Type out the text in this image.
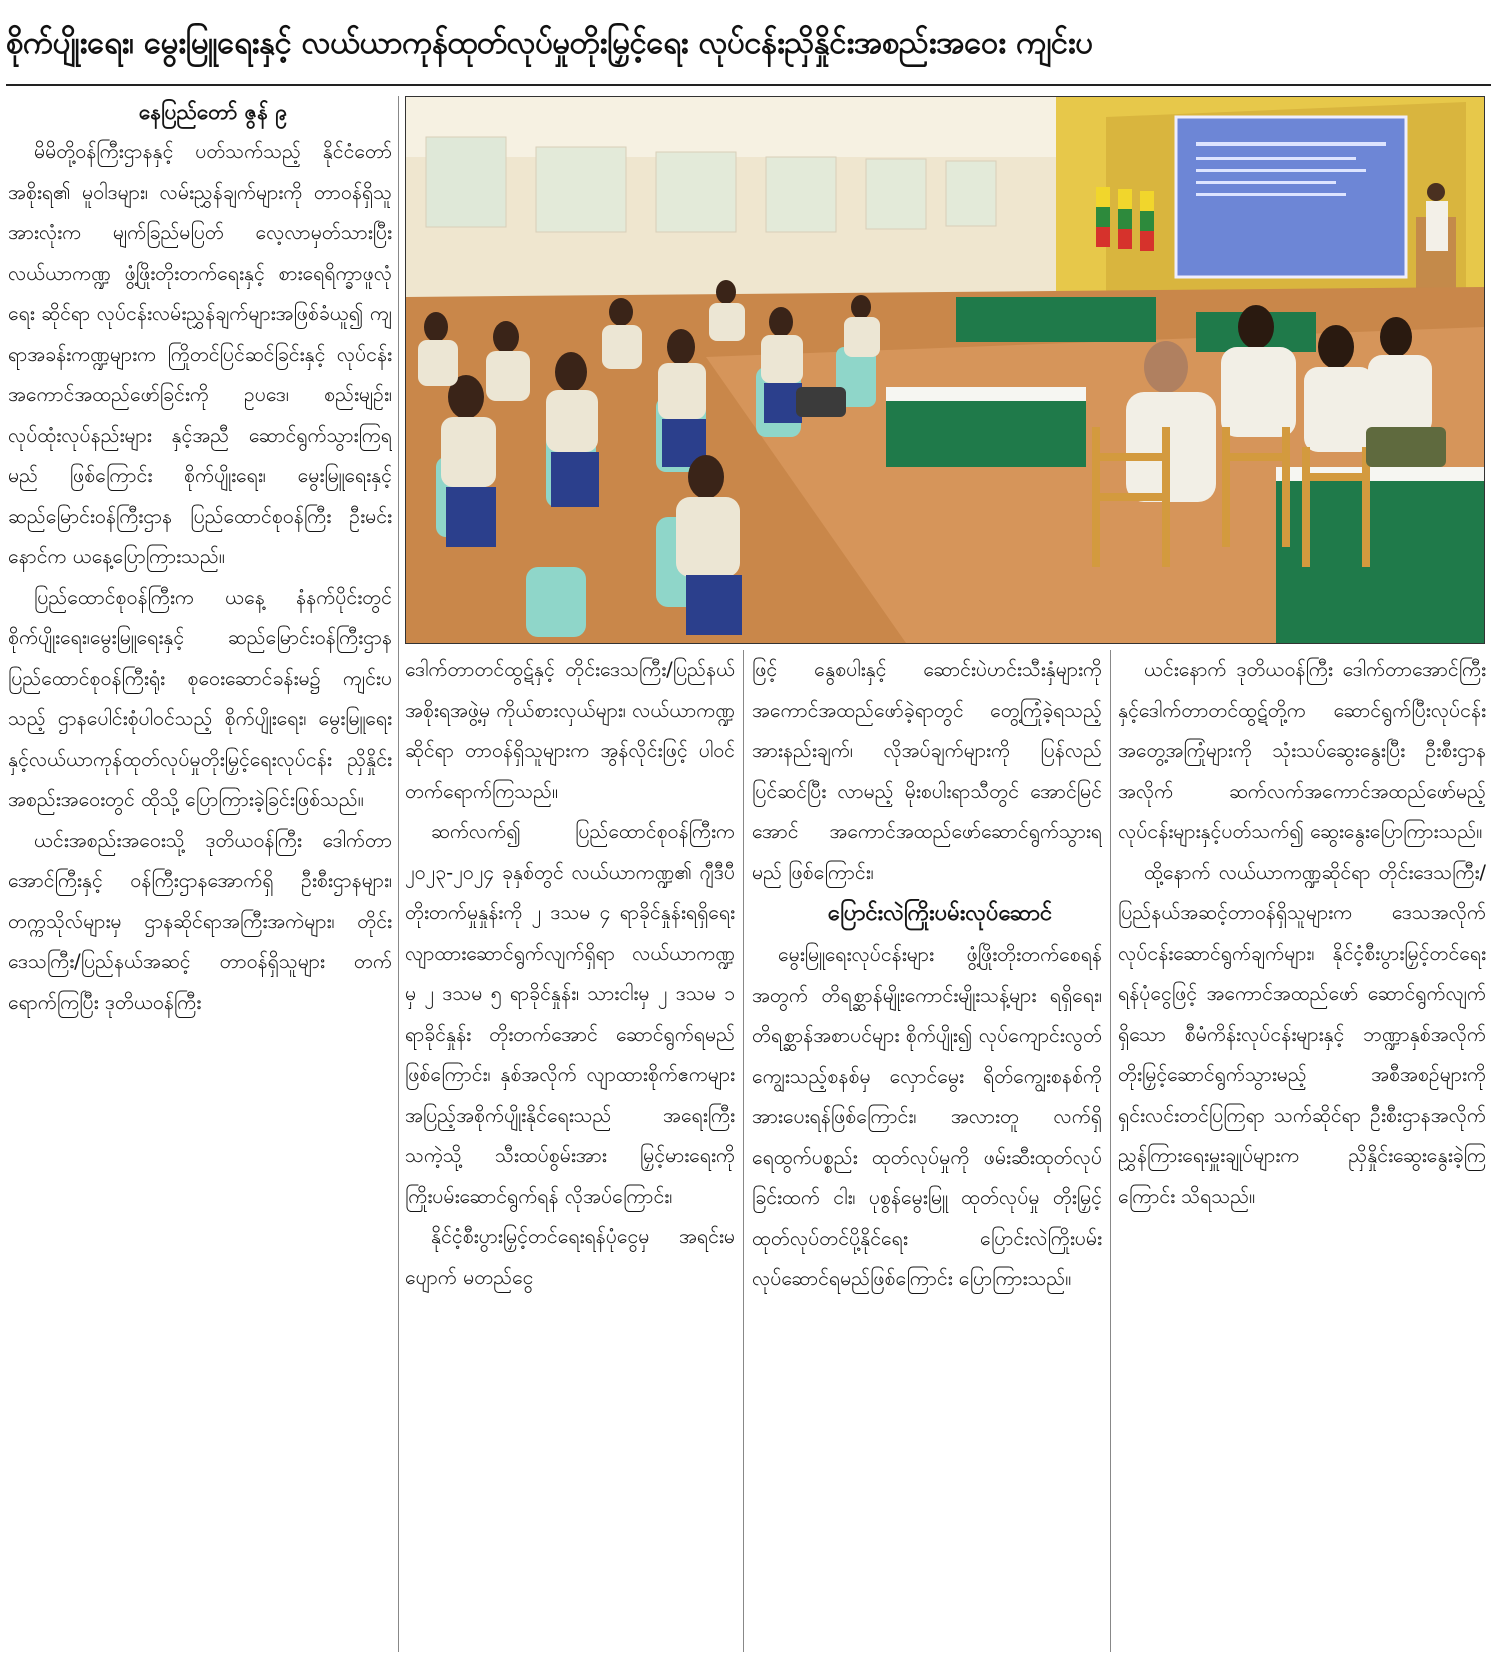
စိုက်ပျိုးရေး၊ မွေးမြူရေးနှင့် လယ်ယာကုန်ထုတ်လုပ်မှုတိုးမြှင့်ရေး လုပ်ငန်းညှိနှိုင်းအစည်းအဝေး ကျင်းပ

နေပြည်တော် ဇွန် ၉

မိမိတို့ဝန်ကြီးဌာနနှင့် ပတ်သက်သည့် နိုင်ငံတော်အစိုးရ၏ မူဝါဒများ၊ လမ်းညွှန်ချက်များကို တာဝန်ရှိသူအားလုံးက မျက်ခြည်မပြတ် လေ့လာမှတ်သားပြီး လယ်ယာကဏ္ဍ ဖွံ့ဖြိုးတိုးတက်ရေးနှင့် စားရေရိက္ခာဖူလုံရေး ဆိုင်ရာ လုပ်ငန်းလမ်းညွှန်ချက်များအဖြစ်ခံယူ၍ ကျရာအခန်းကဏ္ဍများက ကြိုတင်ပြင်ဆင်ခြင်းနှင့် လုပ်ငန်းအကောင်အထည်ဖော်ခြင်းကို ဥပဒေ၊ စည်းမျဉ်း၊ လုပ်ထုံးလုပ်နည်းများ နှင့်အညီ ဆောင်ရွက်သွားကြရမည် ဖြစ်ကြောင်း စိုက်ပျိုးရေး၊ မွေးမြူရေးနှင့် ဆည်မြောင်းဝန်ကြီးဌာန ပြည်ထောင်စုဝန်ကြီး ဦးမင်းနောင်က ယနေ့ပြောကြားသည်။

ပြည်ထောင်စုဝန်ကြီးက ယနေ့ နံနက်ပိုင်းတွင် စိုက်ပျိုးရေး၊မွေးမြူရေးနှင့် ဆည်မြောင်းဝန်ကြီးဌာန ပြည်ထောင်စုဝန်ကြီးရုံး စုဝေးဆောင်ခန်းမ၌ ကျင်းပသည့် ဌာနပေါင်းစုံပါဝင်သည့် စိုက်ပျိုးရေး၊ မွေးမြူရေးနှင့်လယ်ယာကုန်ထုတ်လုပ်မှုတိုးမြှင့်ရေးလုပ်ငန်း ညှိနှိုင်းအစည်းအဝေးတွင် ထိုသို့ ပြောကြားခဲ့ခြင်းဖြစ်သည်။

ယင်းအစည်းအဝေးသို့ ဒုတိယဝန်ကြီး ဒေါက်တာအောင်ကြီးနှင့် ဝန်ကြီးဌာနအောက်ရှိ ဦးစီးဌာနများ၊ တက္ကသိုလ်များမှ ဌာနဆိုင်ရာအကြီးအကဲများ၊ တိုင်းဒေသကြီး/ပြည်နယ်အဆင့် တာဝန်ရှိသူများ တက်ရောက်ကြပြီး ဒုတိယဝန်ကြီး

ဒေါက်တာတင်ထွဋ်နှင့် တိုင်းဒေသကြီး/ပြည်နယ် အစိုးရအဖွဲ့မှ ကိုယ်စားလှယ်များ၊ လယ်ယာကဏ္ဍဆိုင်ရာ တာဝန်ရှိသူများက အွန်လိုင်းဖြင့် ပါဝင်တက်ရောက်ကြသည်။

ဆက်လက်၍ ပြည်ထောင်စုဝန်ကြီးက ၂၀၂၃-၂၀၂၄ ခုနှစ်တွင် လယ်ယာကဏ္ဍ၏ ဂျီဒီပီတိုးတက်မှုနှုန်းကို ၂ ဒသမ ၄ ရာခိုင်နှုန်းရရှိရေး လျာထားဆောင်ရွက်လျက်ရှိရာ လယ်ယာကဏ္ဍမှ ၂ ဒသမ ၅ ရာခိုင်နှုန်း၊ သားငါးမှ ၂ ဒသမ ၁ ရာခိုင်နှုန်း တိုးတက်အောင် ဆောင်ရွက်ရမည်ဖြစ်ကြောင်း၊ နှစ်အလိုက် လျာထားစိုက်ဧကများ အပြည့်အစိုက်ပျိုးနိုင်ရေးသည် အရေးကြီးသကဲ့သို့ သီးထပ်စွမ်းအား မြှင့်မားရေးကို ကြိုးပမ်းဆောင်ရွက်ရန် လိုအပ်ကြောင်း၊

နိုင်ငံ့စီးပွားမြှင့်တင်ရေးရန်ပုံငွေမှ အရင်းမပျောက် မတည်ငွေ

ဖြင့် နွေစပါးနှင့် ဆောင်းပဲဟင်းသီးနှံများကို အကောင်အထည်ဖော်ခဲ့ရာတွင် တွေ့ကြုံခဲ့ရသည့် အားနည်းချက်၊ လိုအပ်ချက်များကို ပြန်လည်ပြင်ဆင်ပြီး လာမည့် မိုးစပါးရာသီတွင် အောင်မြင်အောင် အကောင်အထည်ဖော်ဆောင်ရွက်သွားရမည် ဖြစ်ကြောင်း၊

ပြောင်းလဲကြိုးပမ်းလုပ်ဆောင်

မွေးမြူရေးလုပ်ငန်းများ ဖွံ့ဖြိုးတိုးတက်စေရန်အတွက် တိရစ္ဆာန်မျိုးကောင်းမျိုးသန့်များ ရရှိရေး၊ တိရစ္ဆာန်အစာပင်များ စိုက်ပျိုး၍ လုပ်ကျောင်းလွတ်ကျွေးသည့်စနစ်မှ လှောင်မွေး ရိတ်ကျွေးစနစ်ကို အားပေးရန်ဖြစ်ကြောင်း၊ အလားတူ လက်ရှိရေထွက်ပစ္စည်း ထုတ်လုပ်မှုကို ဖမ်းဆီးထုတ်လုပ်ခြင်းထက် ငါး၊ ပုစွန်မွေးမြူ ထုတ်လုပ်မှု တိုးမြှင့်ထုတ်လုပ်တင်ပို့နိုင်ရေး ပြောင်းလဲကြိုးပမ်းလုပ်ဆောင်ရမည်ဖြစ်ကြောင်း ပြောကြားသည်။

ယင်းနောက် ဒုတိယဝန်ကြီး ဒေါက်တာအောင်ကြီးနှင့်ဒေါက်တာတင်ထွဋ်တို့က ဆောင်ရွက်ပြီးလုပ်ငန်းအတွေ့အကြုံများကို သုံးသပ်ဆွေးနွေးပြီး ဦးစီးဌာနအလိုက် ဆက်လက်အကောင်အထည်ဖော်မည့် လုပ်ငန်းများနှင့်ပတ်သက်၍ ဆွေးနွေးပြောကြားသည်။

ထို့နောက် လယ်ယာကဏ္ဍဆိုင်ရာ တိုင်းဒေသကြီး/ပြည်နယ်အဆင့်တာဝန်ရှိသူများက ဒေသအလိုက် လုပ်ငန်းဆောင်ရွက်ချက်များ၊ နိုင်ငံ့စီးပွားမြှင့်တင်ရေးရန်ပုံငွေဖြင့် အကောင်အထည်ဖော် ဆောင်ရွက်လျက်ရှိသော စီမံကိန်းလုပ်ငန်းများနှင့် ဘဏ္ဍာနှစ်အလိုက် တိုးမြှင့်ဆောင်ရွက်သွားမည့် အစီအစဉ်များကို ရှင်းလင်းတင်ပြကြရာ သက်ဆိုင်ရာ ဦးစီးဌာနအလိုက် ညွှန်ကြားရေးမှူးချုပ်များက ညှိနှိုင်းဆွေးနွေးခဲ့ကြကြောင်း သိရသည်။
